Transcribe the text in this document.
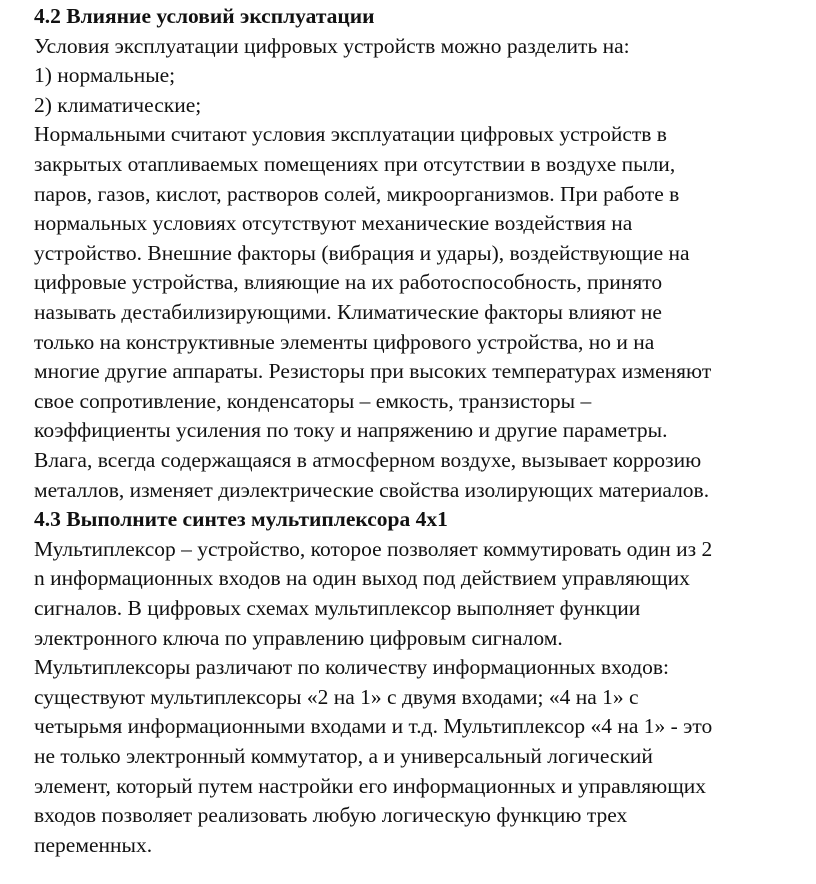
4.2 Влияние условий эксплуатации
Условия эксплуатации цифровых устройств можно разделить на:
1) нормальные;
2) климатические;
Нормальными считают условия эксплуатации цифровых устройств в
закрытых отапливаемых помещениях при отсутствии в воздухе пыли,
паров, газов, кислот, растворов солей, микроорганизмов. При работе в
нормальных условиях отсутствуют механические воздействия на
устройство. Внешние факторы (вибрация и удары), воздействующие на
цифровые устройства, влияющие на их работоспособность, принято
называть дестабилизирующими. Климатические факторы влияют не
только на конструктивные элементы цифрового устройства, но и на
многие другие аппараты. Резисторы при высоких температурах изменяют
свое сопротивление, конденсаторы – емкость, транзисторы –
коэффициенты усиления по току и напряжению и другие параметры.
Влага, всегда содержащаяся в атмосферном воздухе, вызывает коррозию
металлов, изменяет диэлектрические свойства изолирующих материалов.
4.3 Выполните синтез мультиплексора 4х1
Мультиплексор – устройство, которое позволяет коммутировать один из 2
n информационных входов на один выход под действием управляющих
сигналов. В цифровых схемах мультиплексор выполняет функции
электронного ключа по управлению цифровым сигналом.
Мультиплексоры различают по количеству информационных входов:
существуют мультиплексоры «2 на 1» с двумя входами; «4 на 1» с
четырьмя информационными входами и т.д. Мультиплексор «4 на 1» - это
не только электронный коммутатор, а и универсальный логический
элемент, который путем настройки его информационных и управляющих
входов позволяет реализовать любую логическую функцию трех
переменных.
